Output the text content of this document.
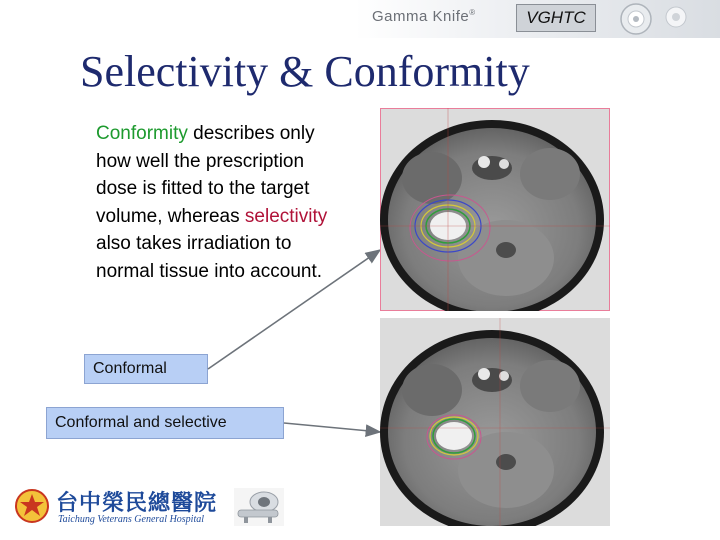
Gamma Knife®	VGHTC
Selectivity & Conformity
Conformity describes only how well the prescription dose is fitted to the target volume, whereas selectivity also takes irradiation to normal tissue into account.
Conformal
Conformal and selective
台中榮民總醫院
Taichung Veterans General Hospital
